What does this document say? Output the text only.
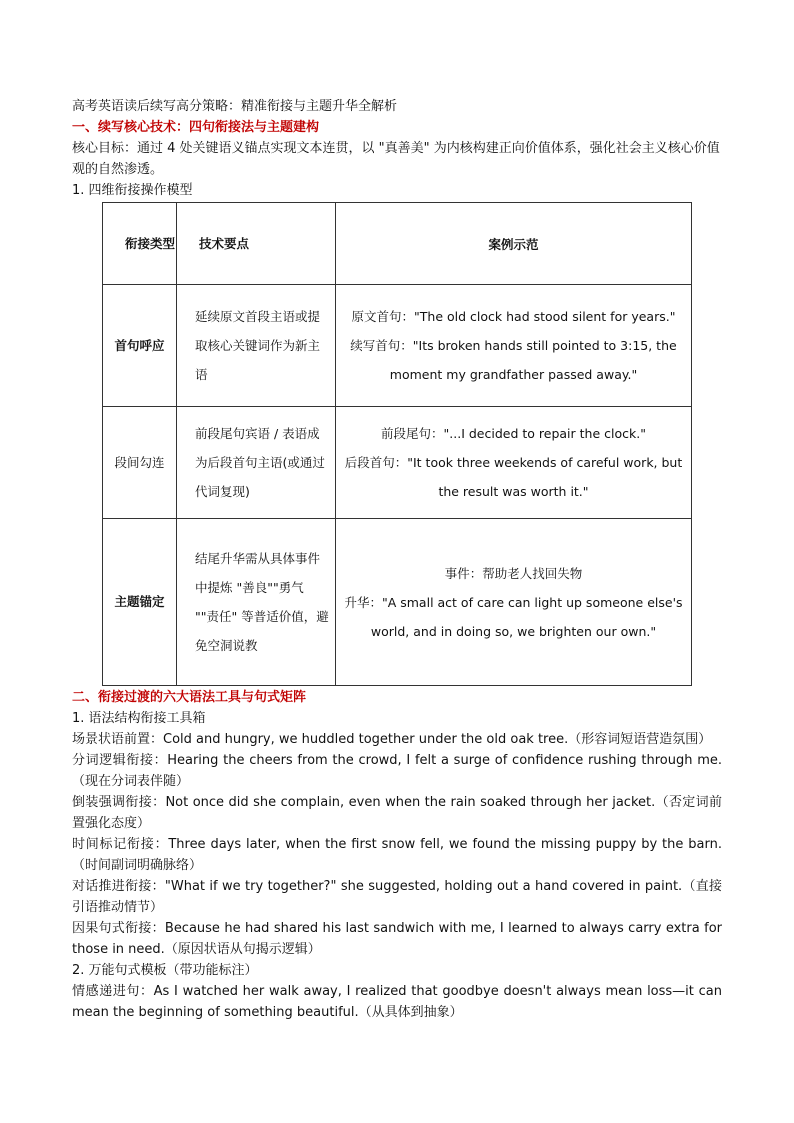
高考英语读后续写高分策略：精准衔接与主题升华全解析

一、续写核心技术：四句衔接法与主题建构

核心目标：通过 4 处关键语义锚点实现文本连贯，以 "真善美" 为内核构建正向价值体系，强化社会主义核心价值观的自然渗透。

1. 四维衔接操作模型

衔接类型	技术要点	案例示范
首句呼应	延续原文首段主语或提取核心关键词作为新主语	原文首句："The old clock had stood silent for years."
续写首句："Its broken hands still pointed to 3:15, the moment my grandfather passed away."

段间勾连	前段尾句宾语 / 表语成为后段首句主语(或通过代词复现)	前段尾句："...I decided to repair the clock."
后段首句："It took three weekends of careful work, but the result was worth it."

主题锚定	结尾升华需从具体事件中提炼 "善良""勇气 ""责任" 等普适价值，避免空洞说教	事件：帮助老人找回失物
升华："A small act of care can light up someone else's world, and in doing so, we brighten our own."

二、衔接过渡的六大语法工具与句式矩阵

1. 语法结构衔接工具箱

场景状语前置：Cold and hungry, we huddled together under the old oak tree.（形容词短语营造氛围）

分词逻辑衔接：Hearing the cheers from the crowd, I felt a surge of confidence rushing through me.（现在分词表伴随）

倒装强调衔接：Not once did she complain, even when the rain soaked through her jacket.（否定词前置强化态度）

时间标记衔接：Three days later, when the first snow fell, we found the missing puppy by the barn.（时间副词明确脉络）

对话推进衔接："What if we try together?" she suggested, holding out a hand covered in paint.（直接引语推动情节）

因果句式衔接：Because he had shared his last sandwich with me, I learned to always carry extra for those in need.（原因状语从句揭示逻辑）

2. 万能句式模板（带功能标注）

情感递进句：As I watched her walk away, I realized that goodbye doesn't always mean loss—it can mean the beginning of something beautiful.（从具体到抽象）
